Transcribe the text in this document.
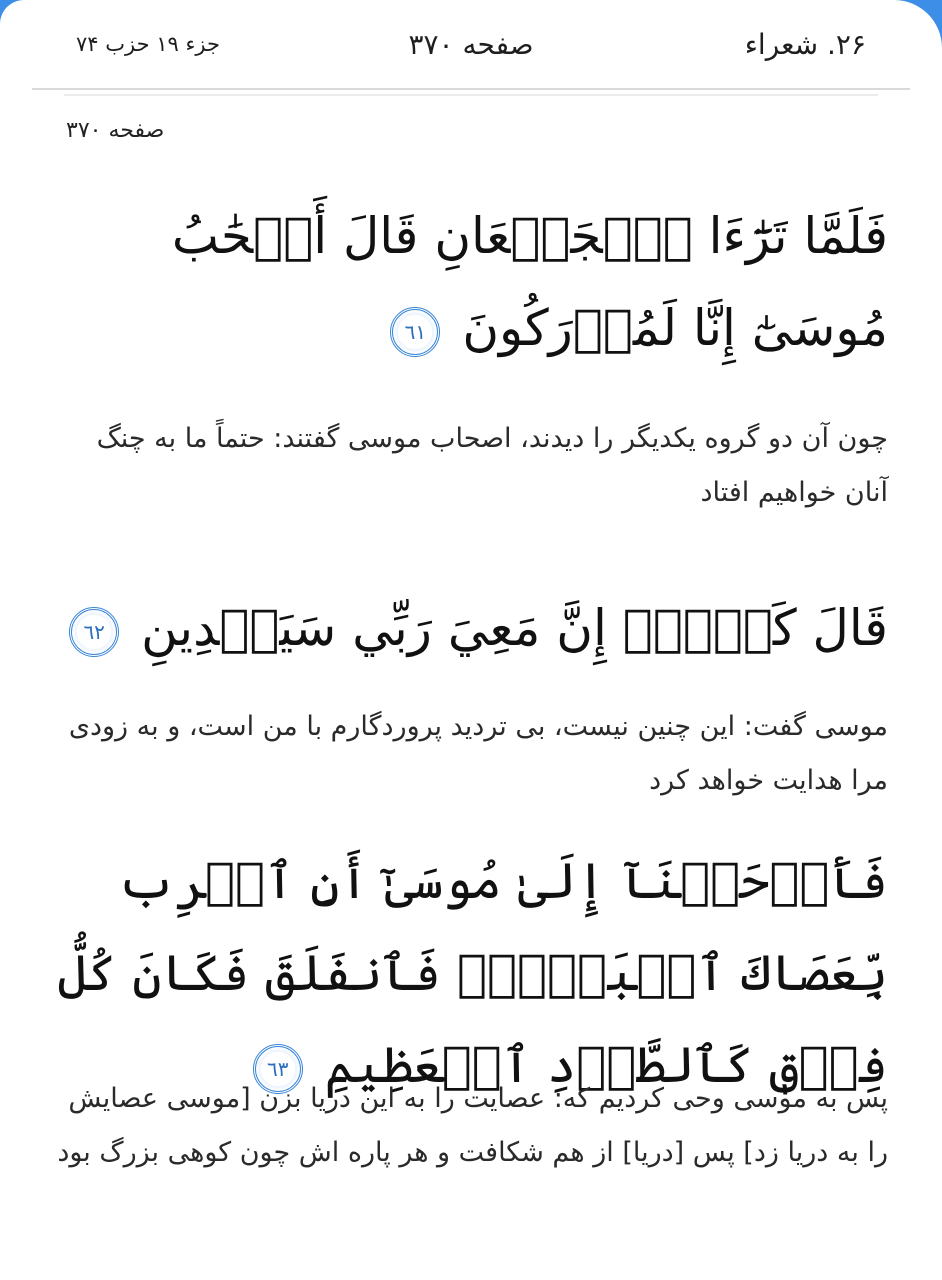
جزء ۱۹ حزب ۷۴	صفحه ۳۷۰	۲۶. شعراء
صفحه ۳۷۰

فَلَمَّا تَرَٰٓءَا ٱلۡجَمۡعَانِ قَالَ أَصۡحَٰبُ مُوسَىٰٓ إِنَّا لَمُدۡرَكُونَ ٦١

چون آن دو گروه یکدیگر را دیدند، اصحاب موسی گفتند: حتماً ما به چنگ آنان خواهیم افتاد

قَالَ كَلَّآۖ إِنَّ مَعِيَ رَبِّي سَيَهۡدِينِ ٦٢

موسی گفت: این چنین نیست، بی تردید پروردگارم با من است، و به زودی مرا هدایت خواهد کرد

فَأَوۡحَيۡنَآ إِلَىٰ مُوسَىٰٓ أَنِ ٱضۡرِب بِّعَصَاكَ ٱلۡبَحۡرَۖ فَٱنفَلَقَ فَكَانَ كُلُّ فِرۡقٖ كَٱلطَّوۡدِ ٱلۡعَظِيمِ ٦٣

پس به موسی وحی کردیم که: عصایت را به این دریا بزن [موسی عصایش را به دریا زد] پس [دریا] از هم شکافت و هر پاره اش چون کوهی بزرگ بود
